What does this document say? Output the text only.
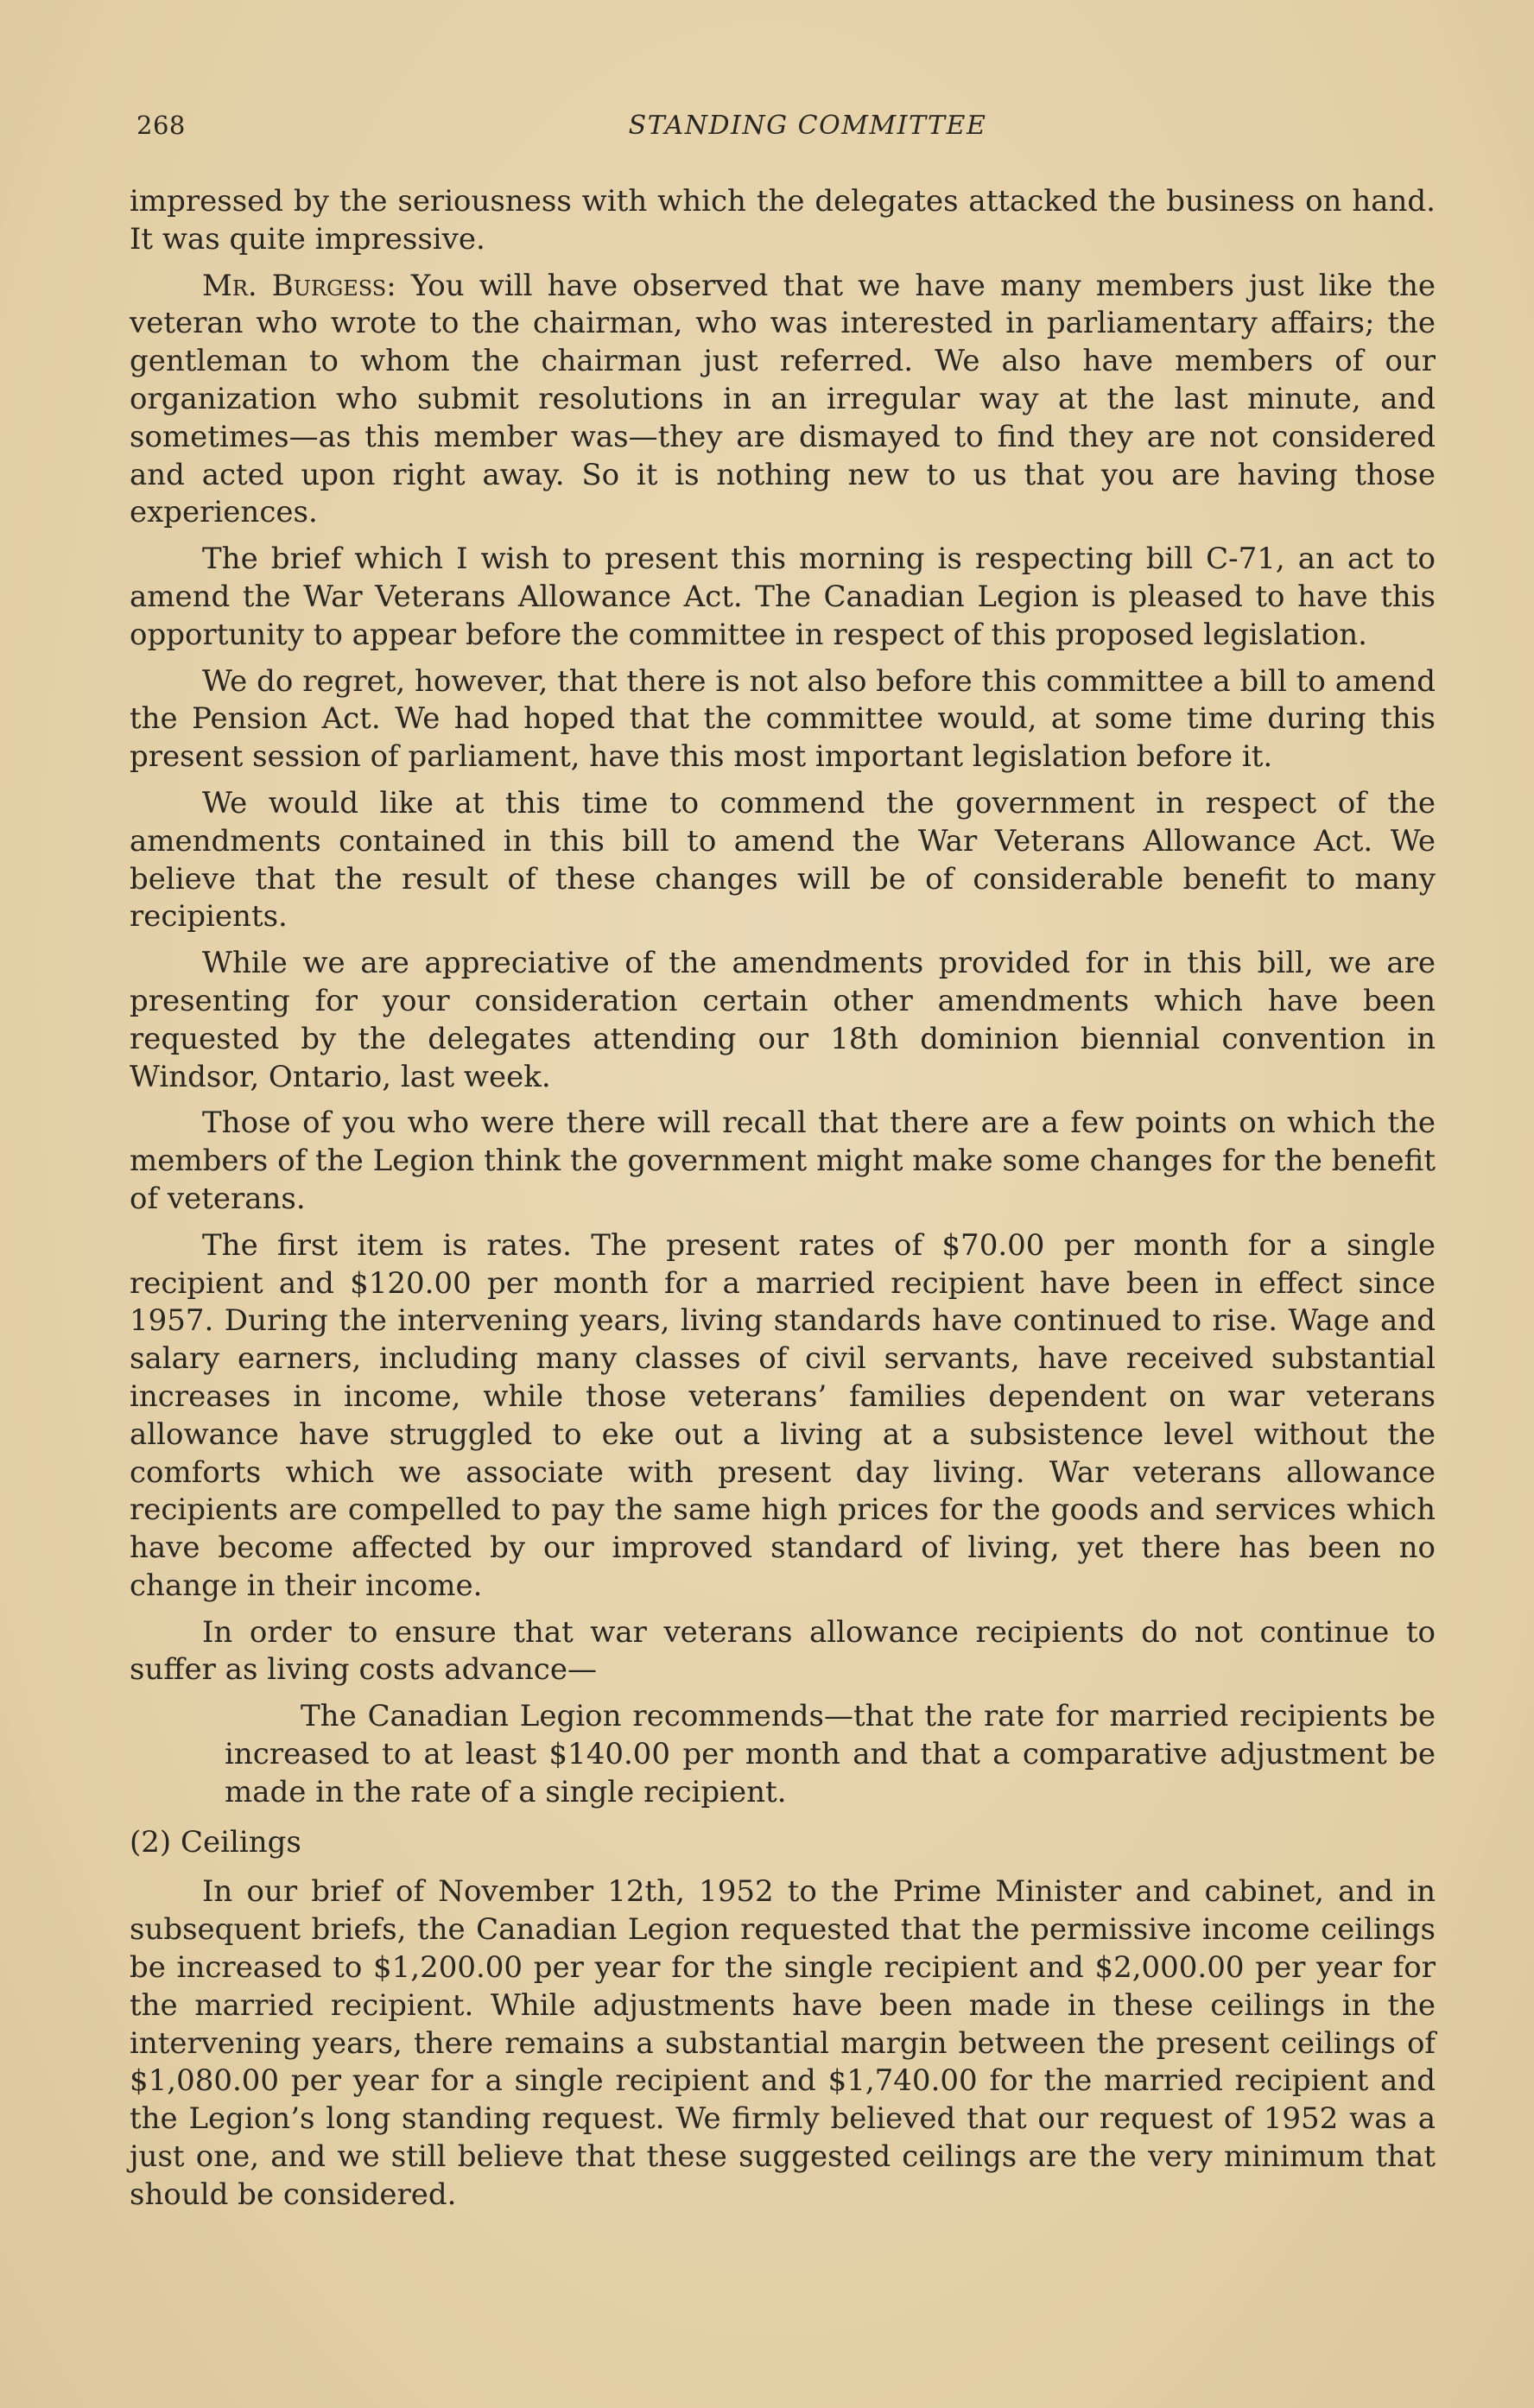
268	STANDING COMMITTEE

impressed by the seriousness with which the delegates attacked the business on hand. It was quite impressive.

Mr. Burgess: You will have observed that we have many members just like the veteran who wrote to the chairman, who was interested in parliamentary affairs; the gentleman to whom the chairman just referred. We also have members of our organization who submit resolutions in an irregular way at the last minute, and sometimes—as this member was—they are dismayed to find they are not considered and acted upon right away. So it is nothing new to us that you are having those experiences.

The brief which I wish to present this morning is respecting bill C-71, an act to amend the War Veterans Allowance Act. The Canadian Legion is pleased to have this opportunity to appear before the committee in respect of this proposed legislation.

We do regret, however, that there is not also before this committee a bill to amend the Pension Act. We had hoped that the committee would, at some time during this present session of parliament, have this most important legislation before it.

We would like at this time to commend the government in respect of the amendments contained in this bill to amend the War Veterans Allowance Act. We believe that the result of these changes will be of considerable benefit to many recipients.

While we are appreciative of the amendments provided for in this bill, we are presenting for your consideration certain other amendments which have been requested by the delegates attending our 18th dominion biennial convention in Windsor, Ontario, last week.

Those of you who were there will recall that there are a few points on which the members of the Legion think the government might make some changes for the benefit of veterans.

The first item is rates. The present rates of $70.00 per month for a single recipient and $120.00 per month for a married recipient have been in effect since 1957. During the intervening years, living standards have continued to rise. Wage and salary earners, including many classes of civil servants, have received substantial increases in income, while those veterans’ families dependent on war veterans allowance have struggled to eke out a living at a subsistence level without the comforts which we associate with present day living. War veterans allowance recipients are compelled to pay the same high prices for the goods and services which have become affected by our improved standard of living, yet there has been no change in their income.

In order to ensure that war veterans allowance recipients do not continue to suffer as living costs advance—

The Canadian Legion recommends—that the rate for married recipients be increased to at least $140.00 per month and that a comparative adjustment be made in the rate of a single recipient.

(2) Ceilings

In our brief of November 12th, 1952 to the Prime Minister and cabinet, and in subsequent briefs, the Canadian Legion requested that the permissive income ceilings be increased to $1,200.00 per year for the single recipient and $2,000.00 per year for the married recipient. While adjustments have been made in these ceilings in the intervening years, there remains a substantial margin between the present ceilings of $1,080.00 per year for a single recipient and $1,740.00 for the married recipient and the Legion’s long standing request. We firmly believed that our request of 1952 was a just one, and we still believe that these suggested ceilings are the very minimum that should be considered.
